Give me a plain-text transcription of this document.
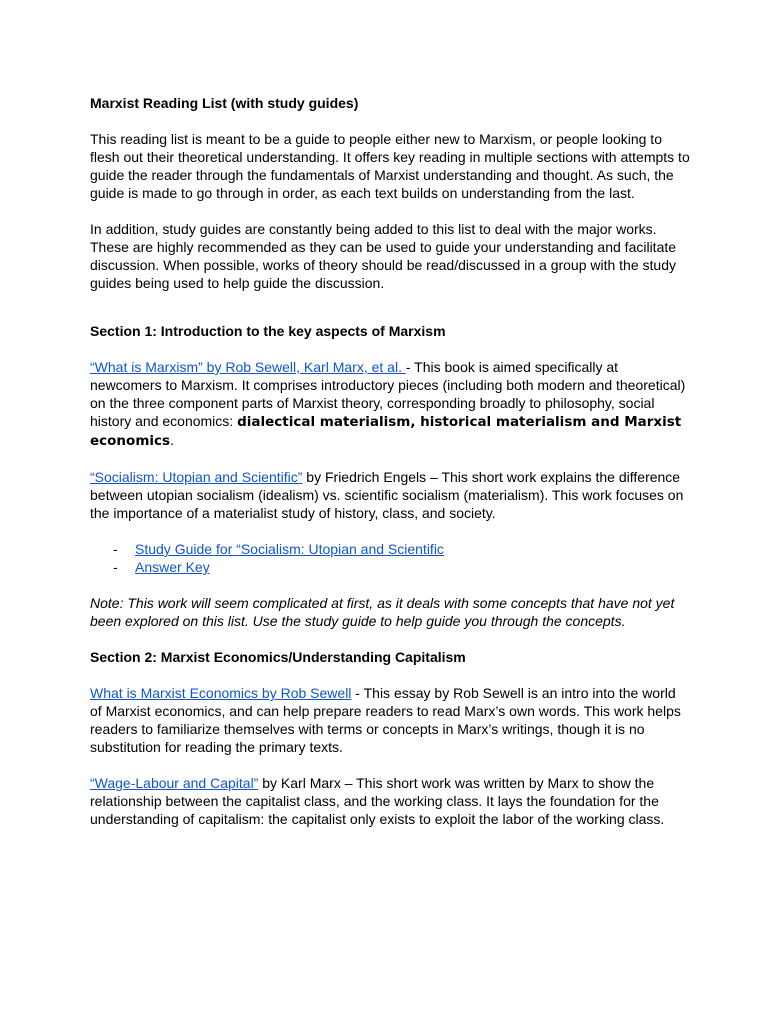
Marxist Reading List (with study guides)

This reading list is meant to be a guide to people either new to Marxism, or people looking to flesh out their theoretical understanding. It offers key reading in multiple sections with attempts to guide the reader through the fundamentals of Marxist understanding and thought. As such, the guide is made to go through in order, as each text builds on understanding from the last.

In addition, study guides are constantly being added to this list to deal with the major works. These are highly recommended as they can be used to guide your understanding and facilitate discussion. When possible, works of theory should be read/discussed in a group with the study guides being used to help guide the discussion.

Section 1: Introduction to the key aspects of Marxism

“What is Marxism” by Rob Sewell, Karl Marx, et al. - This book is aimed specifically at newcomers to Marxism. It comprises introductory pieces (including both modern and theoretical) on the three component parts of Marxist theory, corresponding broadly to philosophy, social history and economics: dialectical materialism, historical materialism and Marxist economics.

“Socialism: Utopian and Scientific” by Friedrich Engels – This short work explains the difference between utopian socialism (idealism) vs. scientific socialism (materialism). This work focuses on the importance of a materialist study of history, class, and society.

- Study Guide for “Socialism: Utopian and Scientific
- Answer Key

Note: This work will seem complicated at first, as it deals with some concepts that have not yet been explored on this list. Use the study guide to help guide you through the concepts.

Section 2: Marxist Economics/Understanding Capitalism

What is Marxist Economics by Rob Sewell - This essay by Rob Sewell is an intro into the world of Marxist economics, and can help prepare readers to read Marx’s own words. This work helps readers to familiarize themselves with terms or concepts in Marx’s writings, though it is no substitution for reading the primary texts.

“Wage-Labour and Capital” by Karl Marx – This short work was written by Marx to show the relationship between the capitalist class, and the working class. It lays the foundation for the understanding of capitalism: the capitalist only exists to exploit the labor of the working class.
